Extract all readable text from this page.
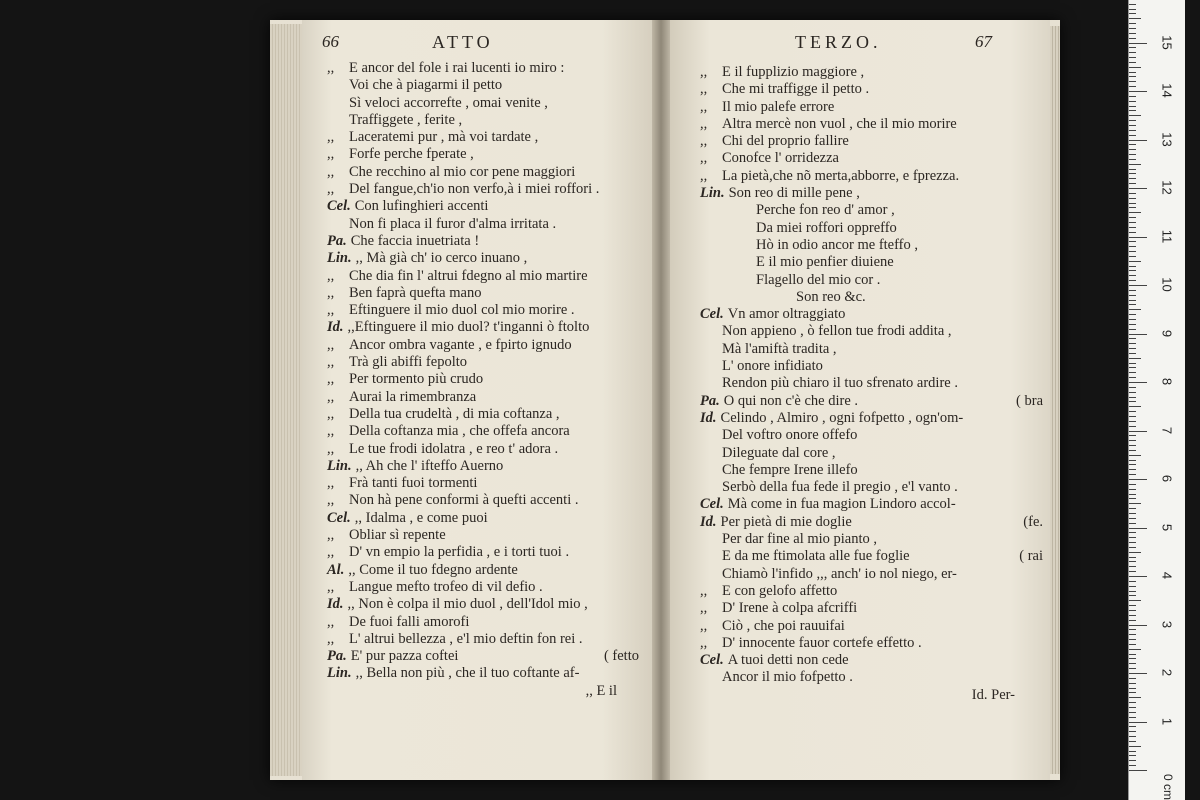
66	ATTO
,, E ancor del fole i rai lucenti io miro :
Voi che à piagarmi il petto
Sì veloci accorrefte , omai venite ,
Traffiggete , ferite ,
,, Laceratemi pur , mà voi tardate ,
,, Forfe perche fperate ,
,, Che recchino al mio cor pene maggiori
,, Del fangue,ch'io non verfo,à i miei roffori .
Cel. Con lufinghieri accenti
Non fi placa il furor d'alma irritata .
Pa. Che faccia inuetriata !
Lin. ,, Mà già ch' io cerco inuano ,
,, Che dia fin l' altrui fdegno al mio martire
,, Ben faprà quefta mano
,, Eftinguere il mio duol col mio morire .
Id. ,,Eftinguere il mio duol? t'inganni ò ftolto
,, Ancor ombra vagante , e fpirto ignudo
,, Trà gli abiffi fepolto
,, Per tormento più crudo
,, Aurai la rimembranza
,, Della tua crudeltà , di mia coftanza ,
,, Della coftanza mia , che offefa ancora
,, Le tue frodi idolatra , e reo t' adora .
Lin. ,, Ah che l' ifteffo Auerno
,, Frà tanti fuoi tormenti
,, Non hà pene conformi à quefti accenti .
Cel. ,, Idalma , e come puoi
,, Obliar sì repente
,, D' vn empio la perfidia , e i torti tuoi .
Al. ,, Come il tuo fdegno ardente
,, Langue mefto trofeo di vil defio .
Id. ,, Non è colpa il mio duol , dell'Idol mio ,
,, De fuoi falli amorofi
,, L' altrui bellezza , e'l mio deftin fon rei .
Pa. E' pur pazza coftei	( fetto
Lin. ,, Bella non più , che il tuo coftante af-
,, E il
TERZO.	67
,, E il fupplizio maggiore ,
,, Che mi traffigge il petto .
,, Il mio palefe errore
,, Altra mercè non vuol , che il mio morire
,, Chi del proprio fallire
,, Conofce l' orridezza
,, La pietà,che nõ merta,abborre, e fprezza.
Lin. Son reo di mille pene ,
Perche fon reo d' amor ,
Da miei roffori oppreffo
Hò in odio ancor me fteffo ,
E il mio penfier diuiene
Flagello del mio cor .
Son reo &c.
Cel. Vn amor oltraggiato
Non appieno , ò fellon tue frodi addita ,
Mà l'amiftà tradita ,
L' onore infidiato
Rendon più chiaro il tuo sfrenato ardire .
Pa. O qui non c'è che dire .	( bra
Id. Celindo , Almiro , ogni fofpetto , ogn'om-
Del voftro onore offefo
Dileguate dal core ,
Che fempre Irene illefo
Serbò della fua fede il pregio , e'l vanto .
Cel. Mà come in fua magion Lindoro accol-
Id. Per pietà di mie doglie	(fe.
Per dar fine al mio pianto ,
E da me ftimolata alle fue foglie	( rai
Chiamò l'infido ,,, anch' io nol niego, er-
,, E con gelofo affetto
,, D' Irene à colpa afcriffi
,, Ciò , che poi rauuifai
,, D' innocente fauor cortefe effetto .
Cel. A tuoi detti non cede
Ancor il mio fofpetto .
Id. Per-
0 cm
1
2
3
4
5
6
7
8
9
10
11
12
13
14
15
